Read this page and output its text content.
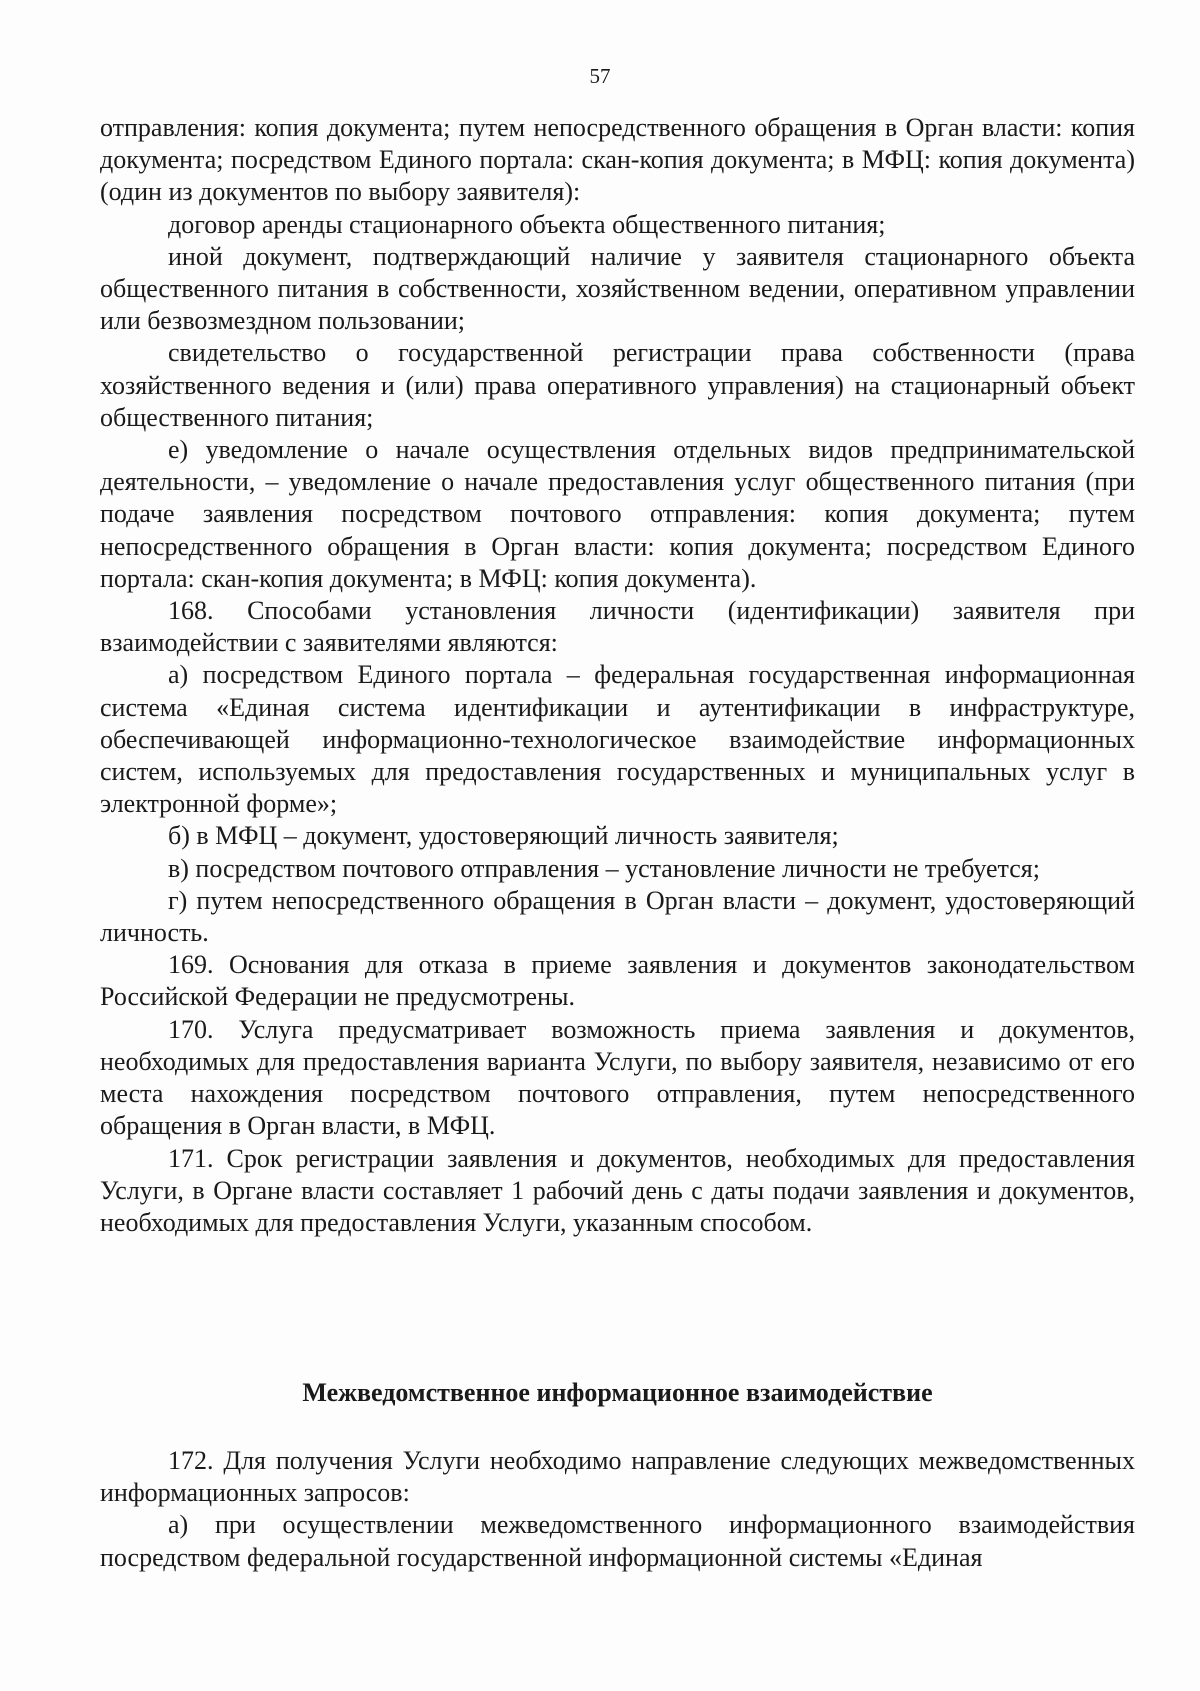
57

отправления: копия документа; путем непосредственного обращения в Орган власти: копия документа; посредством Единого портала: скан-копия документа; в МФЦ: копия документа) (один из документов по выбору заявителя):

договор аренды стационарного объекта общественного питания;

иной документ, подтверждающий наличие у заявителя стационарного объекта общественного питания в собственности, хозяйственном ведении, оперативном управлении или безвозмездном пользовании;

свидетельство о государственной регистрации права собственности (права хозяйственного ведения и (или) права оперативного управления) на стационарный объект общественного питания;

е) уведомление о начале осуществления отдельных видов предпринимательской деятельности, – уведомление о начале предоставления услуг общественного питания (при подаче заявления посредством почтового отправления: копия документа; путем непосредственного обращения в Орган власти: копия документа; посредством Единого портала: скан-копия документа; в МФЦ: копия документа).

168. Способами установления личности (идентификации) заявителя при взаимодействии с заявителями являются:

а) посредством Единого портала – федеральная государственная информационная система «Единая система идентификации и аутентификации в инфраструктуре, обеспечивающей информационно-технологическое взаимодействие информационных систем, используемых для предоставления государственных и муниципальных услуг в электронной форме»;

б) в МФЦ – документ, удостоверяющий личность заявителя;

в) посредством почтового отправления – установление личности не требуется;

г) путем непосредственного обращения в Орган власти – документ, удостоверяющий личность.

169. Основания для отказа в приеме заявления и документов законодательством Российской Федерации не предусмотрены.

170. Услуга предусматривает возможность приема заявления и документов, необходимых для предоставления варианта Услуги, по выбору заявителя, независимо от его места нахождения посредством почтового отправления, путем непосредственного обращения в Орган власти, в МФЦ.

171. Срок регистрации заявления и документов, необходимых для предоставления Услуги, в Органе власти составляет 1 рабочий день с даты подачи заявления и документов, необходимых для предоставления Услуги, указанным способом.

Межведомственное информационное взаимодействие

172. Для получения Услуги необходимо направление следующих межведомственных информационных запросов:

а) при осуществлении межведомственного информационного взаимодействия посредством федеральной государственной информационной системы «Единая
